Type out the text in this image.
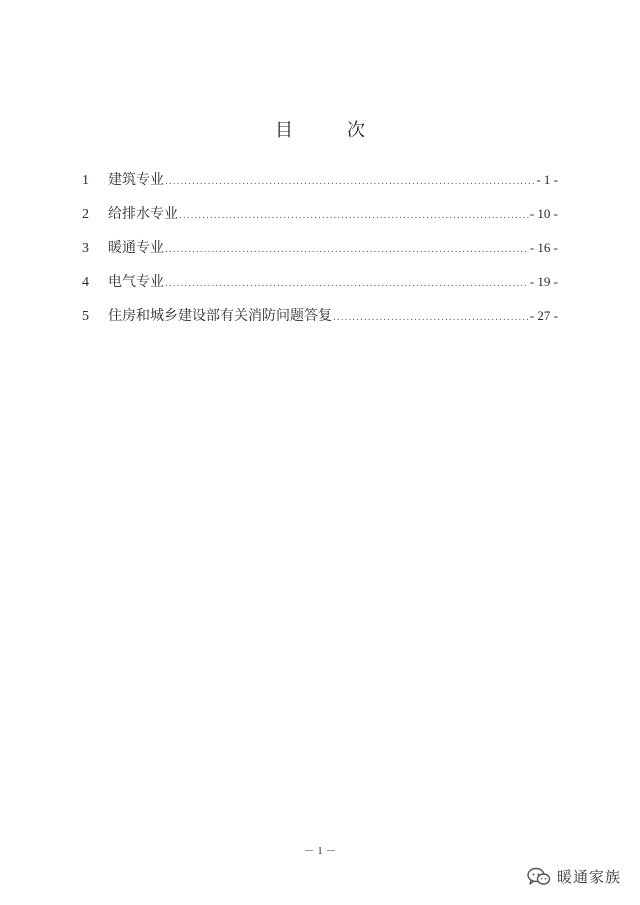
目　次
1	建筑专业 .....	- 1 -
2	给排水专业 .....	- 10 -
3	暖通专业 .....	- 16 -
4	电气专业 .....	- 19 -
5	住房和城乡建设部有关消防问题答复 .....	- 27 -
－ 1 －
暖通家族
